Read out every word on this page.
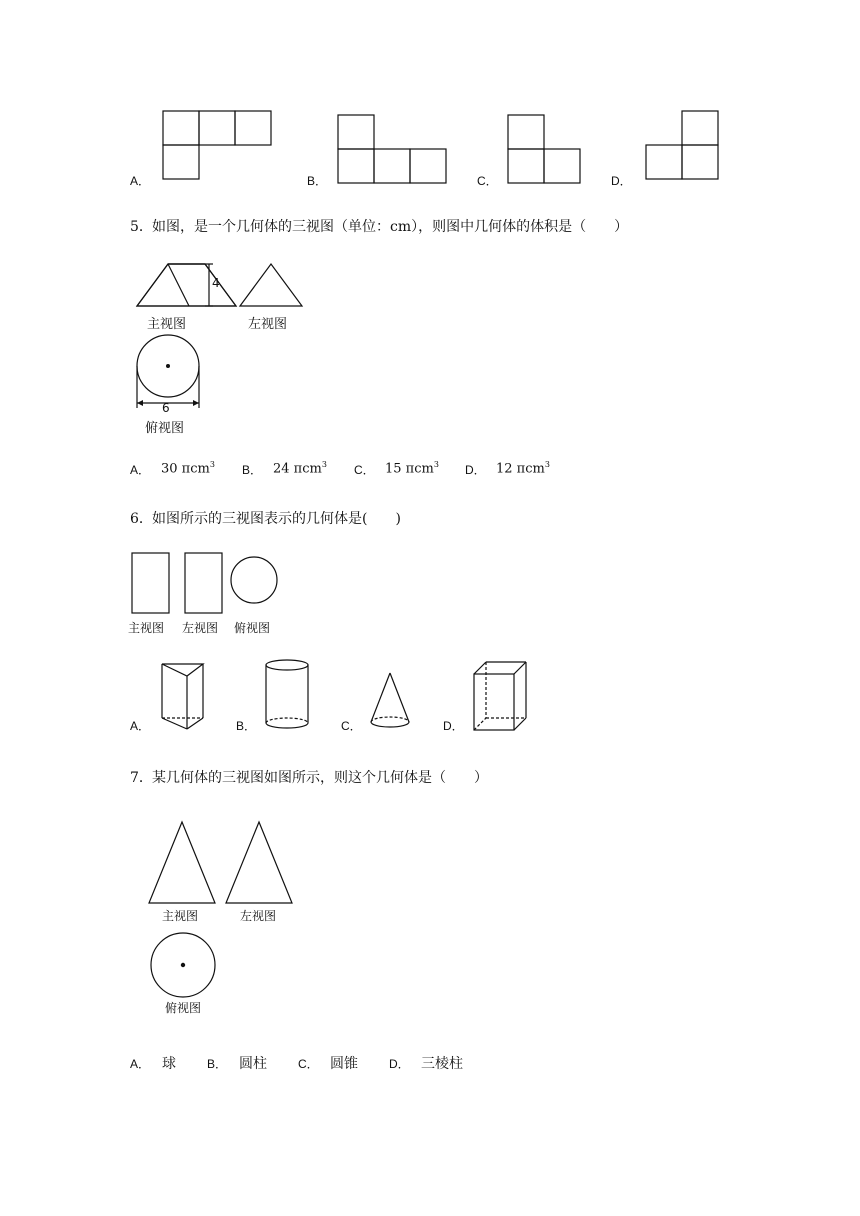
A．	B．	C．	D．
5． 如图，是一个几何体的三视图（单位：cm），则图中几何体的体积是（　　）
4
6
主视图	左视图
俯视图
A． 30 πcm$^3$ B． 24 πcm$^3$ C． 15 πcm$^3$ D． 12 πcm$^3$
6． 如图所示的三视图表示的几何体是(　　)
主视图 左视图 俯视图
A．	B．	C．	D．
7． 某几何体的三视图如图所示，则这个几何体是（　　）
主视图	左视图
俯视图
A． 球	B． 圆柱	C． 圆锥	D． 三棱柱
